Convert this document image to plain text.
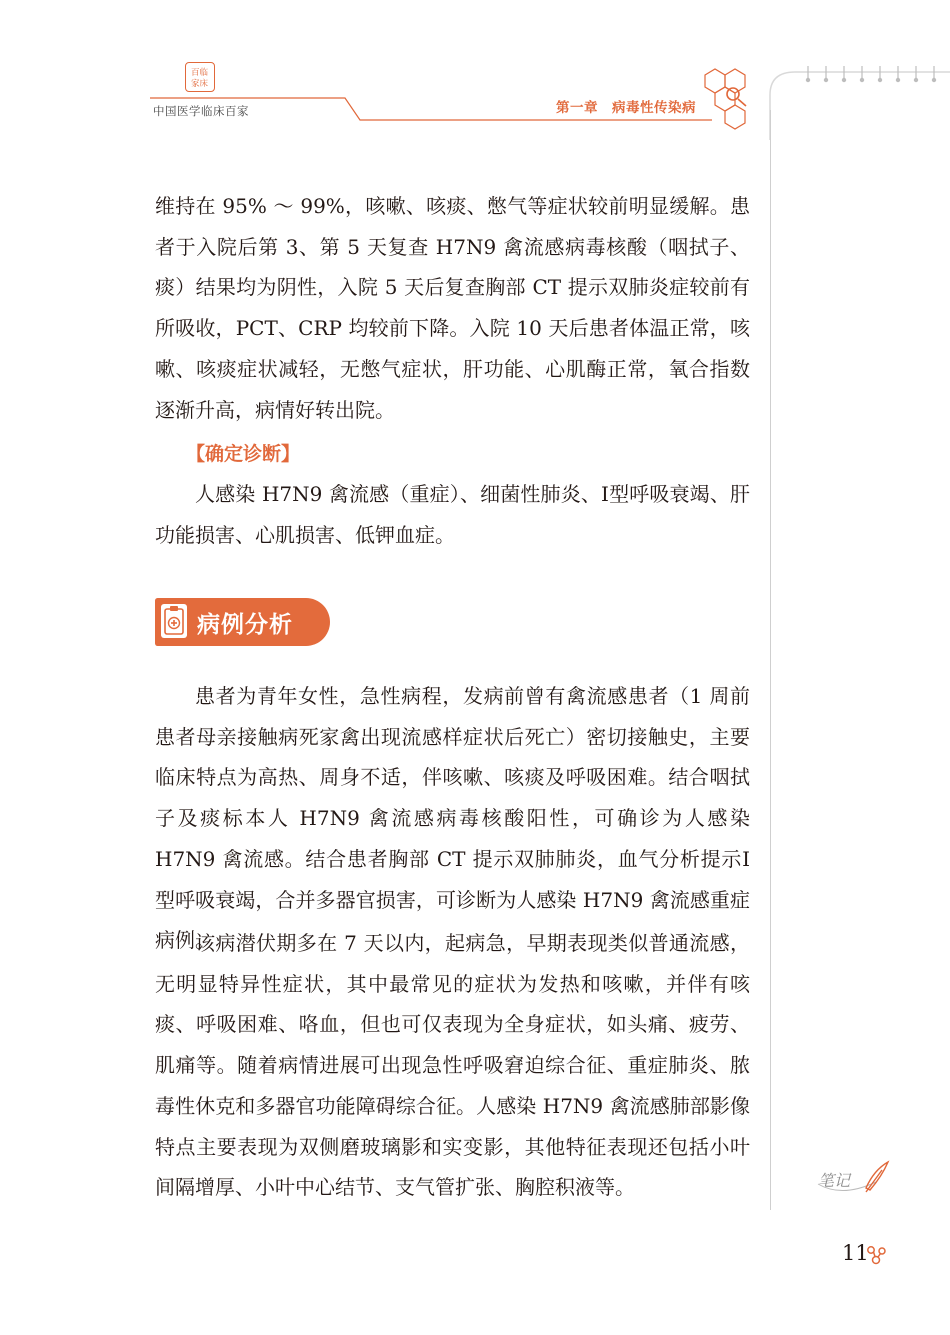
百临
家床
中国医学临床百家	第一章　病毒性传染病

维持在 95% ～ 99%，咳嗽、咳痰、憋气等症状较前明显缓解。患者于入院后第 3、第 5 天复查 H7N9 禽流感病毒核酸（咽拭子、痰）结果均为阴性，入院 5 天后复查胸部 CT 提示双肺炎症较前有所吸收，PCT、CRP 均较前下降。入院 10 天后患者体温正常，咳嗽、咳痰症状减轻，无憋气症状，肝功能、心肌酶正常，氧合指数逐渐升高，病情好转出院。

【确定诊断】

人感染 H7N9 禽流感（重症）、细菌性肺炎、Ⅰ型呼吸衰竭、肝功能损害、心肌损害、低钾血症。

病例分析

患者为青年女性，急性病程，发病前曾有禽流感患者（1 周前患者母亲接触病死家禽出现流感样症状后死亡）密切接触史，主要临床特点为高热、周身不适，伴咳嗽、咳痰及呼吸困难。结合咽拭子及痰标本人 H7N9 禽流感病毒核酸阳性，可确诊为人感染 H7N9 禽流感。结合患者胸部 CT 提示双肺肺炎，血气分析提示Ⅰ型呼吸衰竭，合并多器官损害，可诊断为人感染 H7N9 禽流感重症病例。

该病潜伏期多在 7 天以内，起病急，早期表现类似普通流感，无明显特异性症状，其中最常见的症状为发热和咳嗽，并伴有咳痰、呼吸困难、咯血，但也可仅表现为全身症状，如头痛、疲劳、肌痛等。随着病情进展可出现急性呼吸窘迫综合征、重症肺炎、脓毒性休克和多器官功能障碍综合征。人感染 H7N9 禽流感肺部影像特点主要表现为双侧磨玻璃影和实变影，其他特征表现还包括小叶间隔增厚、小叶中心结节、支气管扩张、胸腔积液等。	笔记
11
